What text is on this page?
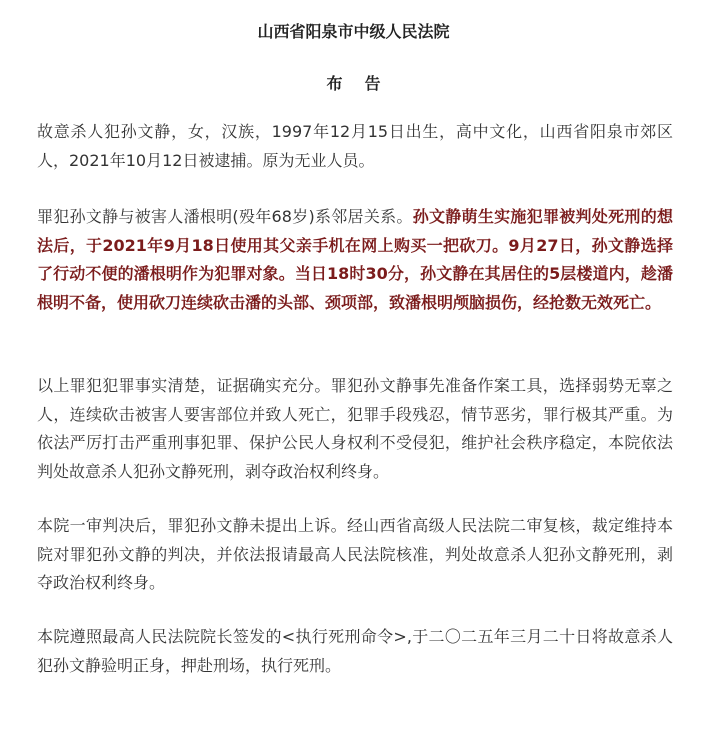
山西省阳泉市中级人民法院
布告

故意杀人犯孙文静，女，汉族，1997年12月15日出生，高中文化，山西省阳泉市郊区人，2021年10月12日被逮捕。原为无业人员。

罪犯孙文静与被害人潘根明(殁年68岁)系邻居关系。孙文静萌生实施犯罪被判处死刑的想法后，于2021年9月18日使用其父亲手机在网上购买一把砍刀。9月27日，孙文静选择了行动不便的潘根明作为犯罪对象。当日18时30分，孙文静在其居住的5层楼道内，趁潘根明不备，使用砍刀连续砍击潘的头部、颈项部，致潘根明颅脑损伤，经抢数无效死亡。

以上罪犯犯罪事实清楚，证据确实充分。罪犯孙文静事先准备作案工具，选择弱势无辜之人，连续砍击被害人要害部位并致人死亡，犯罪手段残忍，情节恶劣，罪行极其严重。为依法严厉打击严重刑事犯罪、保护公民人身权利不受侵犯，维护社会秩序稳定，本院依法判处故意杀人犯孙文静死刑，剥夺政治权利终身。

本院一审判决后，罪犯孙文静未提出上诉。经山西省高级人民法院二审复核，裁定维持本院对罪犯孙文静的判决，并依法报请最高人民法院核准，判处故意杀人犯孙文静死刑，剥夺政治权利终身。

本院遵照最高人民法院院长签发的<执行死刑命令>,于二〇二五年三月二十日将故意杀人犯孙文静验明正身，押赴刑场，执行死刑。
